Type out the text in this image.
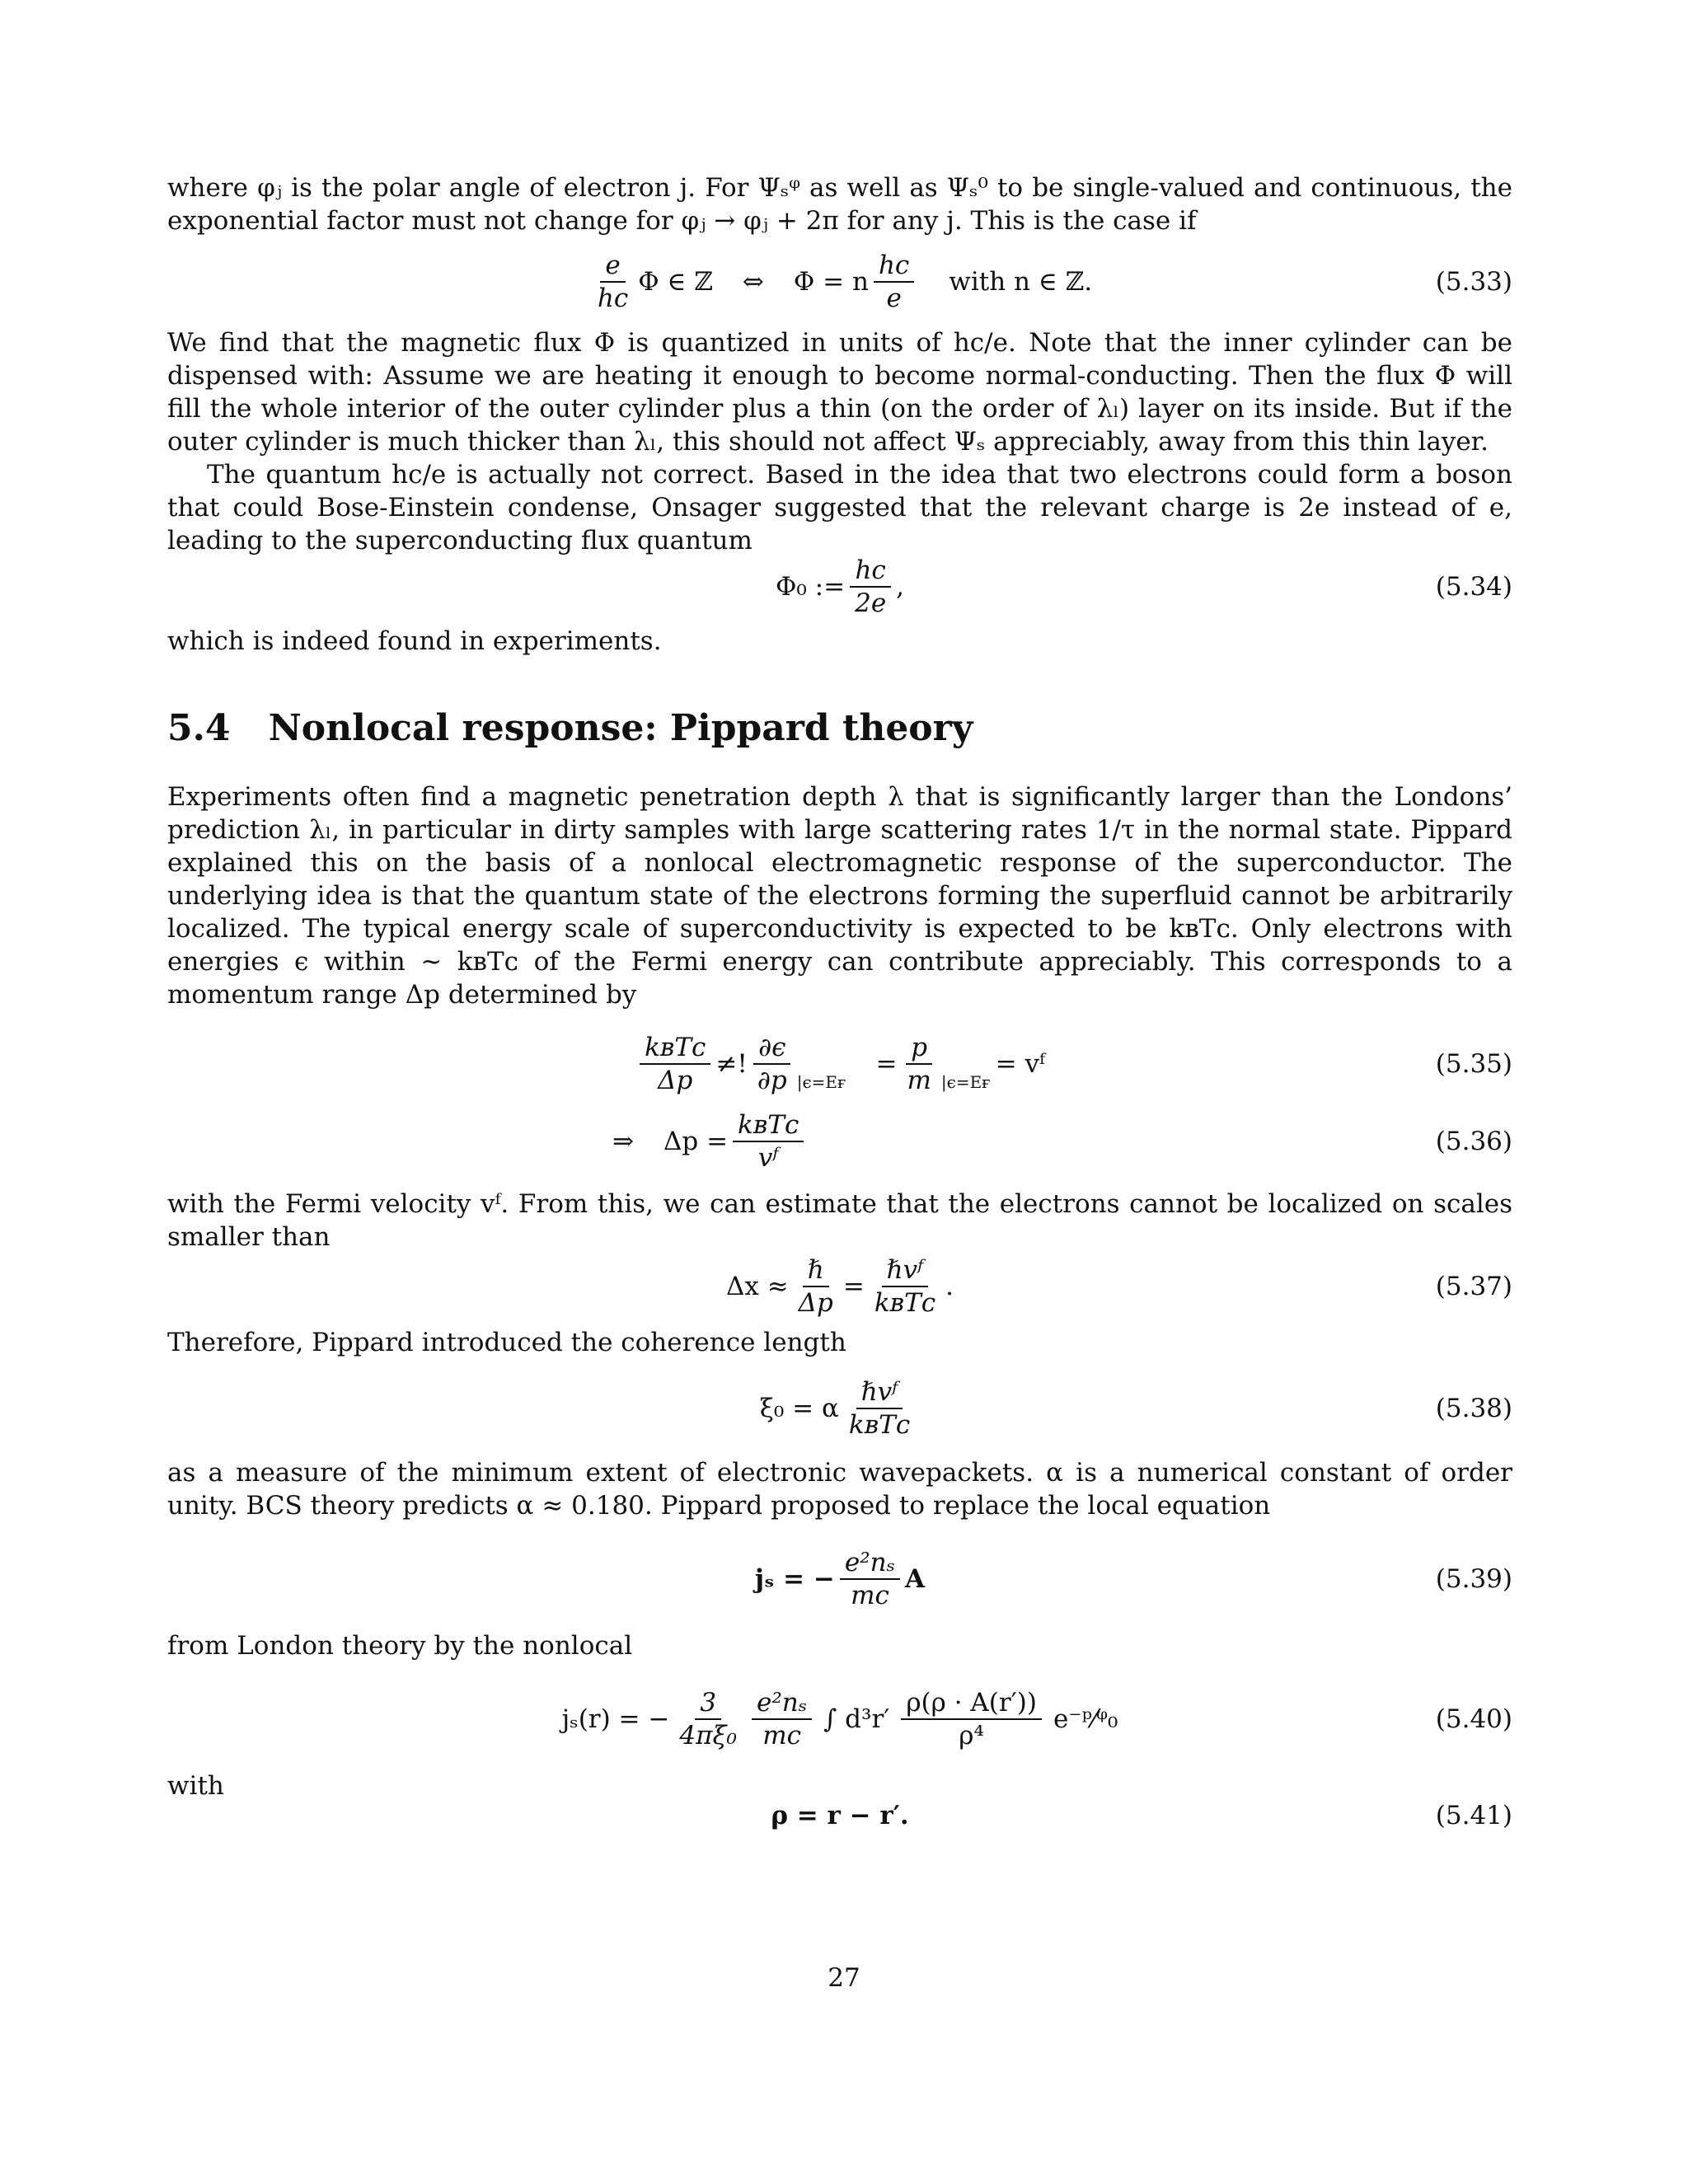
where φⱼ is the polar angle of electron j. For Ψₛᵠ as well as Ψₛ⁰ to be single-valued and continuous, the exponential factor must not change for φⱼ → φⱼ + 2π for any j. This is the case if

$\frac{e}{hc}$ Φ ∈ ℤ ⇔ Φ = n $\frac{hc}{e}$ with n ∈ ℤ.	(5.33)

We find that the magnetic flux Φ is quantized in units of hc/e. Note that the inner cylinder can be dispensed with: Assume we are heating it enough to become normal-conducting. Then the flux Φ will fill the whole interior of the outer cylinder plus a thin (on the order of λₗ) layer on its inside. But if the outer cylinder is much thicker than λₗ, this should not affect Ψₛ appreciably, away from this thin layer.

The quantum hc/e is actually not correct. Based in the idea that two electrons could form a boson that could Bose-Einstein condense, Onsager suggested that the relevant charge is 2e instead of e, leading to the superconducting flux quantum

Φ₀ := $\frac{hc}{2e}$ ,	(5.34)

which is indeed found in experiments.

5.4 Nonlocal response: Pippard theory

Experiments often find a magnetic penetration depth λ that is significantly larger than the Londons’ prediction λₗ, in particular in dirty samples with large scattering rates 1/τ in the normal state. Pippard explained this on the basis of a nonlocal electromagnetic response of the superconductor. The underlying idea is that the quantum state of the electrons forming the superfluid cannot be arbitrarily localized. The typical energy scale of superconductivity is expected to be kʙTᴄ. Only electrons with energies ϵ within ~ kʙTᴄ of the Fermi energy can contribute appreciably. This corresponds to a momentum range Δp determined by

$\frac{\text{kʙTᴄ}}{\Delta p}$ ≠! $\frac{\partial\epsilon}{\partial p} |\epsilon=Eғ$
= $\frac{p}{m} |\epsilon=Eғ$
= vᶠ	(5.35)
⇒ $\Delta p = \frac{\text{kʙTᴄ}}{\text{vᶠ}}$	(5.36)

with the Fermi velocity vᶠ. From this, we can estimate that the electrons cannot be localized on scales smaller than

$\Delta x \approx \frac{\text{ℏ}}{\Delta p} = \frac{\text{ℏvᶠ}}{\text{kʙTᴄ}}$ .	(5.37)

Therefore, Pippard introduced the coherence length

ξ₀ = α $\frac{\text{ℏvᶠ}}{\text{kʙTᴄ}}$	(5.38)

as a measure of the minimum extent of electronic wavepackets. α is a numerical constant of order unity. BCS theory predicts α ≈ 0.180. Pippard proposed to replace the local equation

jₛ = − $\frac{\text{e²nₛ}}{mc}$ A	(5.39)

from London theory by the nonlocal

jₛ(r) = − $\frac{3}{\text{4πξ₀}} \frac{\text{e²nₛ}}{mc}$ ∫ $d^3r' \frac{\rho(\rho \cdot A(r'))}{\text{ρ⁴}}$ e⁻ᵖ⁄ᵠ₀	(5.40)

with

ρ = r − r′.	(5.41)
27
